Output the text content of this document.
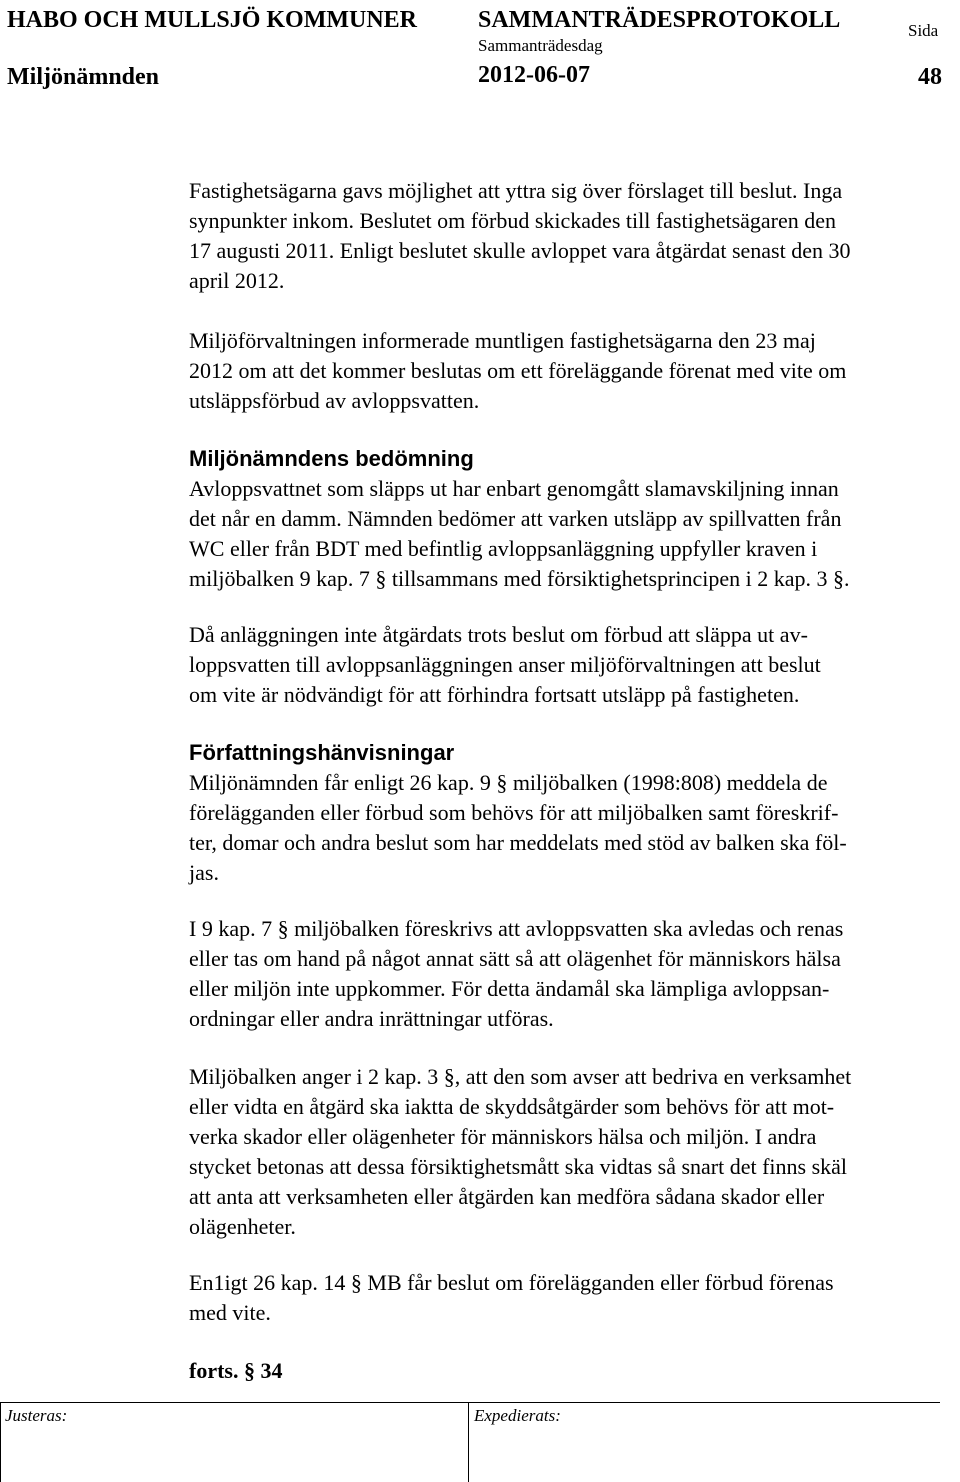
HABO OCH MULLSJÖ KOMMUNER	SAMMANTRÄDESPROTOKOLL	Sida
Sammanträdesdag
Miljönämnden	2012-06-07	48
Fastighetsägarna gavs möjlighet att yttra sig över förslaget till beslut. Inga
synpunkter inkom. Beslutet om förbud skickades till fastighetsägaren den
17 augusti 2011. Enligt beslutet skulle avloppet vara åtgärdat senast den 30
april 2012.
Miljöförvaltningen informerade muntligen fastighetsägarna den 23 maj
2012 om att det kommer beslutas om ett föreläggande förenat med vite om
utsläppsförbud av avloppsvatten.
Miljönämndens bedömning
Avloppsvattnet som släpps ut har enbart genomgått slamavskiljning innan
det når en damm. Nämnden bedömer att varken utsläpp av spillvatten från
WC eller från BDT med befintlig avloppsanläggning uppfyller kraven i
miljöbalken 9 kap. 7 § tillsammans med försiktighetsprincipen i 2 kap. 3 §.
Då anläggningen inte åtgärdats trots beslut om förbud att släppa ut av-
loppsvatten till avloppsanläggningen anser miljöförvaltningen att beslut
om vite är nödvändigt för att förhindra fortsatt utsläpp på fastigheten.
Författningshänvisningar
Miljönämnden får enligt 26 kap. 9 § miljöbalken (1998:808) meddela de
förelägganden eller förbud som behövs för att miljöbalken samt föreskrif-
ter, domar och andra beslut som har meddelats med stöd av balken ska föl-
jas.
I 9 kap. 7 § miljöbalken föreskrivs att avloppsvatten ska avledas och renas
eller tas om hand på något annat sätt så att olägenhet för människors hälsa
eller miljön inte uppkommer. För detta ändamål ska lämpliga avloppsan-
ordningar eller andra inrättningar utföras.
Miljöbalken anger i 2 kap. 3 §, att den som avser att bedriva en verksamhet
eller vidta en åtgärd ska iaktta de skyddsåtgärder som behövs för att mot-
verka skador eller olägenheter för människors hälsa och miljön. I andra
stycket betonas att dessa försiktighetsmått ska vidtas så snart det finns skäl
att anta att verksamheten eller åtgärden kan medföra sådana skador eller
olägenheter.
En1igt 26 kap. 14 § MB får beslut om förelägganden eller förbud förenas
med vite.
forts. § 34
Justeras:	Expedierats:
